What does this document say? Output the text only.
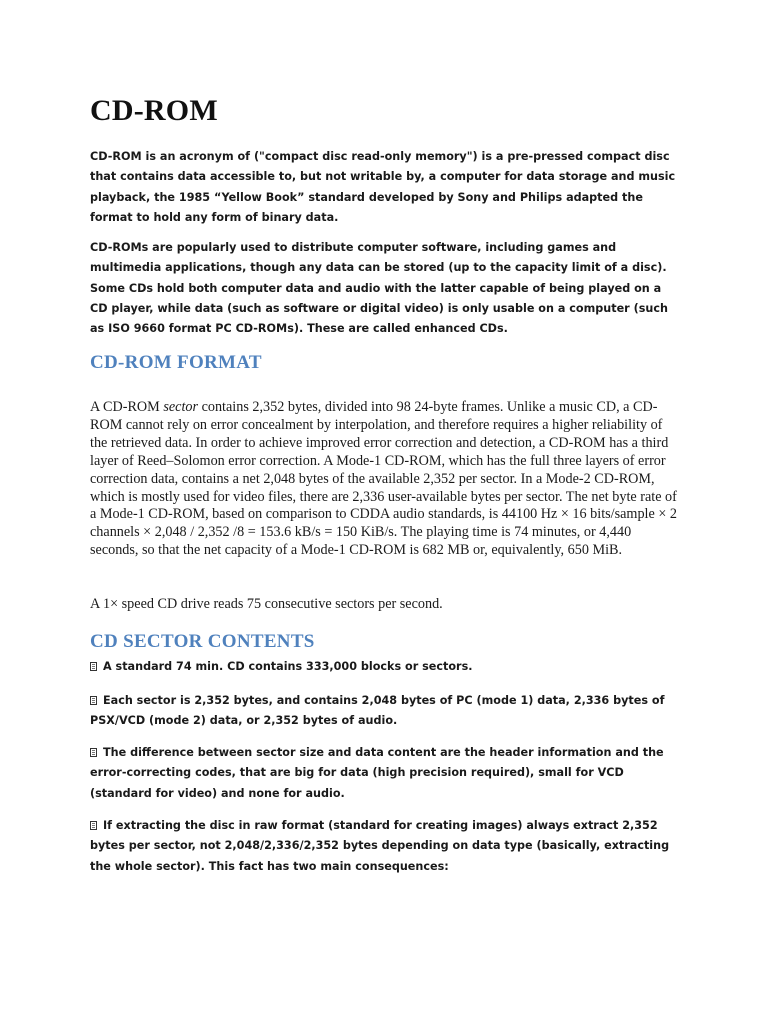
CD-ROM

CD-ROM is an acronym of ("compact disc read-only memory") is a pre-pressed compact disc that contains data accessible to, but not writable by, a computer for data storage and music playback, the 1985 “Yellow Book” standard developed by Sony and Philips adapted the format to hold any form of binary data.

CD-ROMs are popularly used to distribute computer software, including games and multimedia applications, though any data can be stored (up to the capacity limit of a disc). Some CDs hold both computer data and audio with the latter capable of being played on a CD player, while data (such as software or digital video) is only usable on a computer (such as ISO 9660 format PC CD-ROMs). These are called enhanced CDs.

CD-ROM FORMAT

A CD-ROM sector contains 2,352 bytes, divided into 98 24-byte frames. Unlike a music CD, a CD-ROM cannot rely on error concealment by interpolation, and therefore requires a higher reliability of the retrieved data. In order to achieve improved error correction and detection, a CD-ROM has a third layer of Reed–Solomon error correction. A Mode-1 CD-ROM, which has the full three layers of error correction data, contains a net 2,048 bytes of the available 2,352 per sector. In a Mode-2 CD-ROM, which is mostly used for video files, there are 2,336 user-available bytes per sector. The net byte rate of a Mode-1 CD-ROM, based on comparison to CDDA audio standards, is 44100 Hz × 16 bits/sample × 2 channels × 2,048 / 2,352 /8 = 153.6 kB/s = 150 KiB/s. The playing time is 74 minutes, or 4,440 seconds, so that the net capacity of a Mode-1 CD-ROM is 682 MB or, equivalently, 650 MiB.

A 1× speed CD drive reads 75 consecutive sectors per second.

CD SECTOR CONTENTS

A standard 74 min. CD contains 333,000 blocks or sectors.

Each sector is 2,352 bytes, and contains 2,048 bytes of PC (mode 1) data, 2,336 bytes of PSX/VCD (mode 2) data, or 2,352 bytes of audio.

The difference between sector size and data content are the header information and the error-correcting codes, that are big for data (high precision required), small for VCD (standard for video) and none for audio.

If extracting the disc in raw format (standard for creating images) always extract 2,352 bytes per sector, not 2,048/2,336/2,352 bytes depending on data type (basically, extracting the whole sector). This fact has two main consequences:
